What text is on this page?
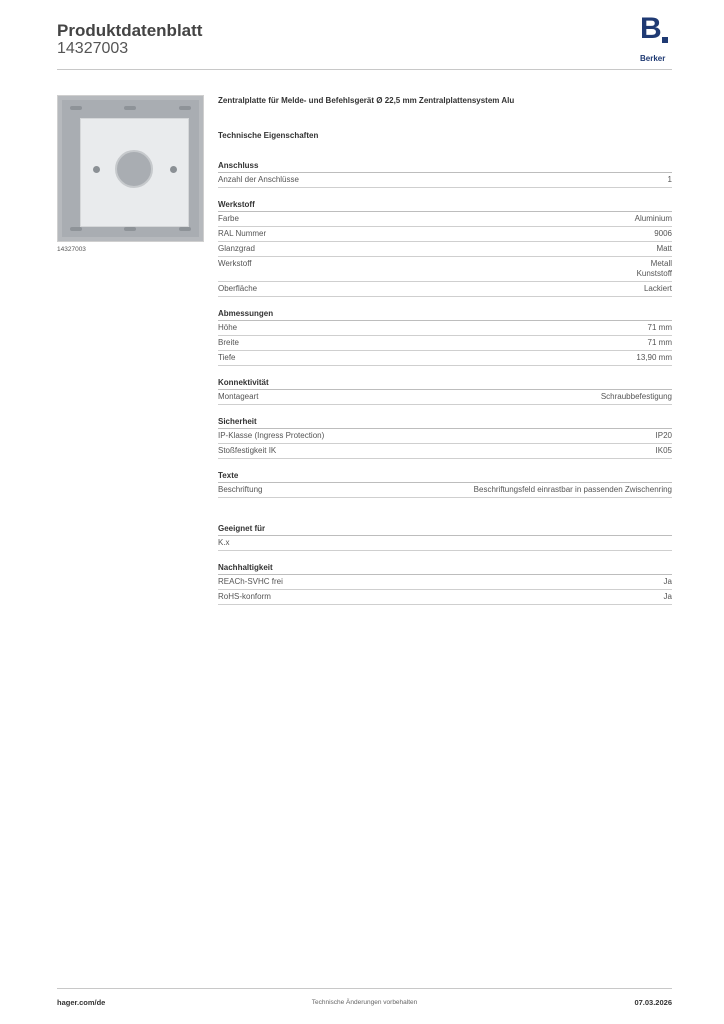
Produktdatenblatt
14327003
B
Berker
14327003
Zentralplatte für Melde- und Befehlsgerät Ø 22,5 mm Zentralplattensystem Alu
Technische Eigenschaften
Anschluss
Anzahl der Anschlüsse	1
Werkstoff
Farbe	Aluminium
RAL Nummer	9006
Glanzgrad	Matt
Werkstoff	Metall
Kunststoff
Oberfläche	Lackiert
Abmessungen
Höhe	71 mm
Breite	71 mm
Tiefe	13,90 mm
Konnektivität
Montageart	Schraubbefestigung
Sicherheit
IP-Klasse (Ingress Protection)	IP20
Stoßfestigkeit IK	IK05
Texte
Beschriftung	Beschriftungsfeld einrastbar in passenden Zwischenring
Geeignet für
K.x
Nachhaltigkeit
REACh-SVHC frei	Ja
RoHS-konform	Ja
hager.com/de	Technische Änderungen vorbehalten	07.03.2026
